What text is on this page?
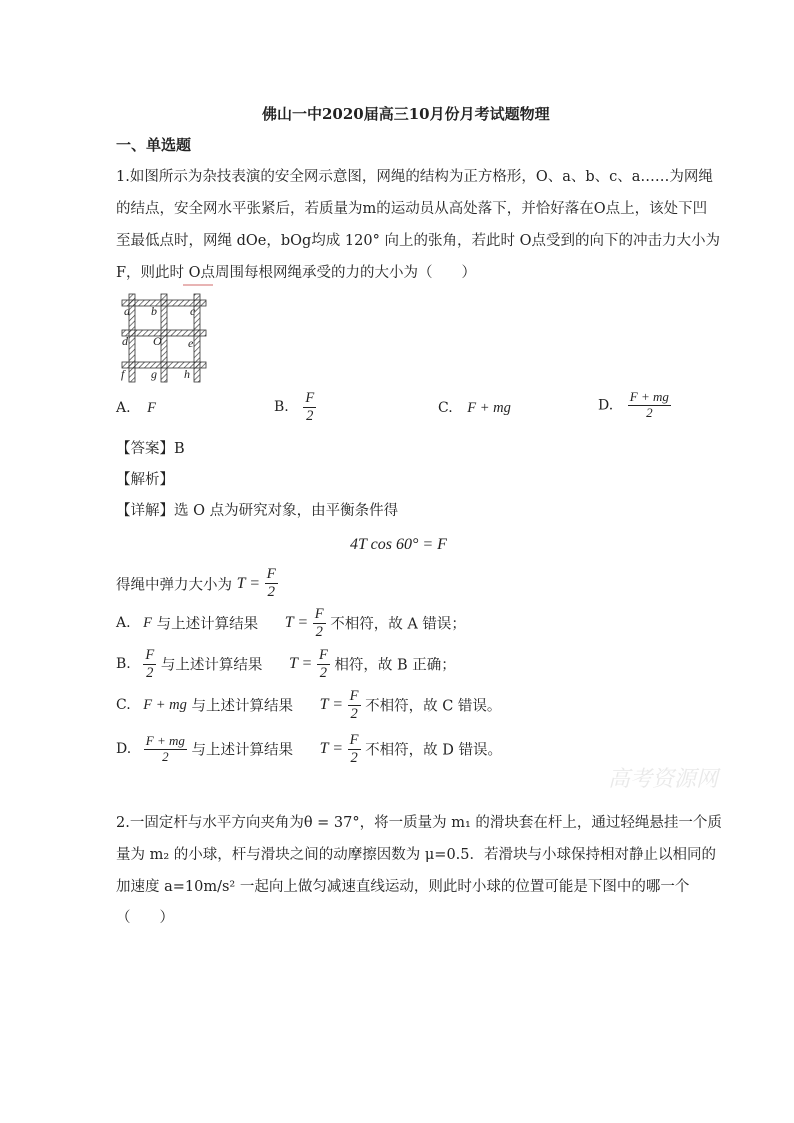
佛山一中2020届高三10月份月考试题物理
一、单选题
1.如图所示为杂技表演的安全网示意图，网绳的结构为正方格形，O、a、b、c、a……为网绳
的结点，安全网水平张紧后，若质量为m的运动员从高处落下，并恰好落在O点上，该处下凹
至最低点时，网绳 dOe，bOg均成 120° 向上的张角，若此时 O点受到的向下的冲击力大小为
F，则此时 O点周围每根网绳承受的力的大小为（　　）
a b	c
d O e
f g h
A. F	B. $\frac{F}{2}$	C. F + mg	D. $\frac{F + mg}{2}$
【答案】B
【解析】
【详解】选 O 点为研究对象，由平衡条件得
4T cos 60° = F
得绳中弹力大小为 $T = \frac{F}{2}$
A. F 与上述计算结果 $T = \frac{F}{2}$ 不相符，故 A 错误；
B. $\frac{F}{2}$ 与上述计算结果 $T = \frac{F}{2}$ 相符，故 B 正确；
C. F + mg 与上述计算结果 $T = \frac{F}{2}$ 不相符，故 C 错误。
D. $\frac{F + mg}{2}$ 与上述计算结果 $T = \frac{F}{2}$ 不相符，故 D 错误。
高考资源网
2.一固定杆与水平方向夹角为θ = 37°，将一质量为 m₁ 的滑块套在杆上，通过轻绳悬挂一个质
量为 m₂ 的小球，杆与滑块之间的动摩擦因数为 μ=0.5．若滑块与小球保持相对静止以相同的
加速度 a=10m/s² 一起向上做匀减速直线运动，则此时小球的位置可能是下图中的哪一个
（　　）
